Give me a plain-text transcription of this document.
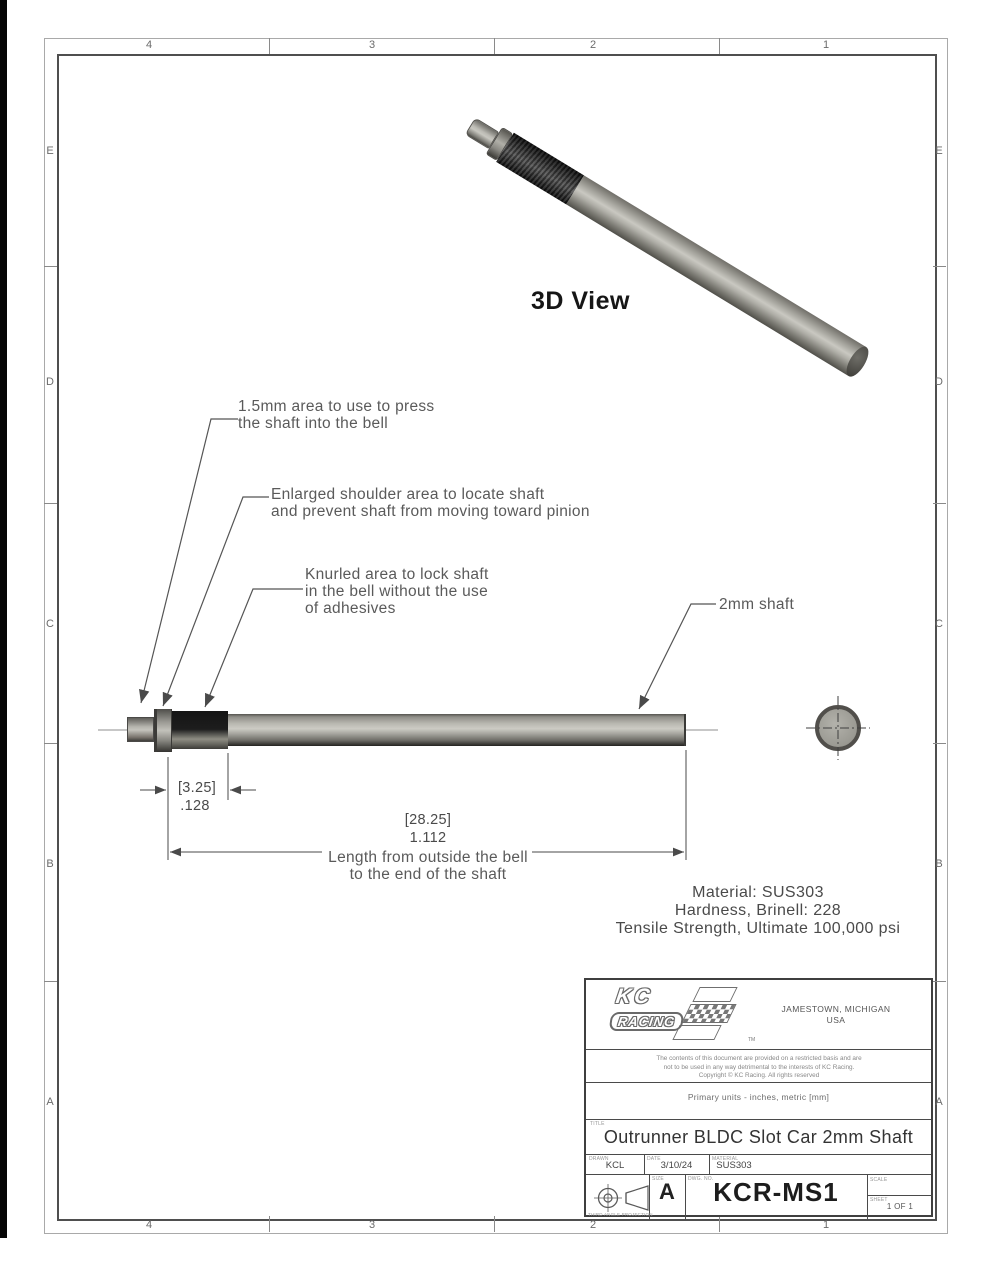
4	3	2	1
4	3	2	1
E
D
C
B
A
E
D
C
B
A
3D View
1.5mm area to use to press
the shaft into the bell
Enlarged shoulder area to locate shaft
and prevent shaft from moving toward pinion
Knurled area to lock shaft
in the bell without the use
of adhesives	2mm shaft
[3.25]
.128
[28.25]
1.112
Length from outside the bell
to the end of the shaft
Material: SUS303
Hardness, Brinell: 228
Tensile Strength, Ultimate 100,000 psi
KC
RACING
TM
JAMESTOWN, MICHIGAN
USA
The contents of this document are provided on a restricted basis and are
not to be used in any way detrimental to the interests of KC Racing.
Copyright © KC Racing. All rights reserved
Primary units - inches, metric [mm]
TITLE
Outrunner BLDC Slot Car 2mm Shaft
DRAWN
KCL
DATE
3/10/24
MATERIAL
SUS303
THIRD ANGLE PROJECTION
SIZE
A	DWG. NO. KCR-MS1	SCALE
SHEET
1 OF 1
